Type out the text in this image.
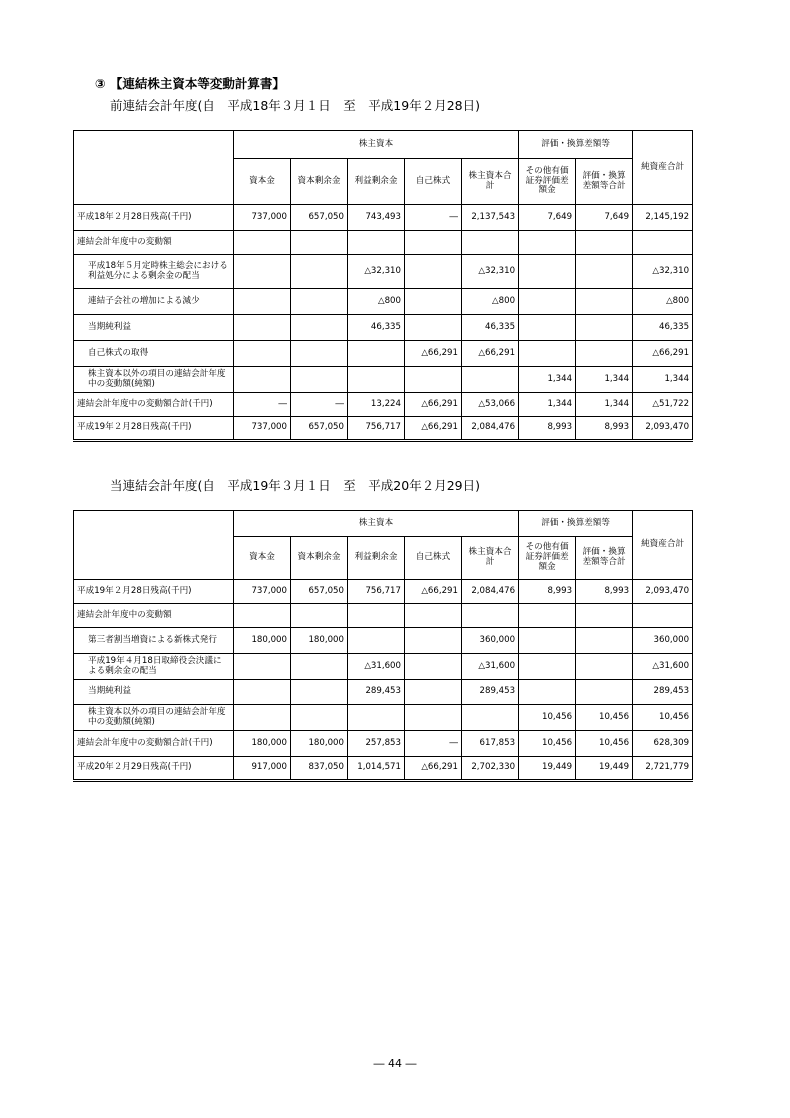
③ 【連結株主資本等変動計算書】
前連結会計年度(自　平成18年３月１日　至　平成19年２月28日)
	株主資本					評価・換算差額等		純資産合計
	資本金	資本剰余金	利益剰余金	自己株式	株主資本合計	その他有価証券評価差額金	評価・換算差額等合計	
平成18年２月28日残高(千円)	737,000	657,050	743,493	―	2,137,543	7,649	7,649	2,145,192
連結会計年度中の変動額								
平成18年５月定時株主総会における利益処分による剰余金の配当			△32,310		△32,310			△32,310
連結子会社の増加による減少			△800		△800			△800
当期純利益			46,335		46,335			46,335
自己株式の取得				△66,291	△66,291			△66,291
株主資本以外の項目の連結会計年度中の変動額(純額)						1,344	1,344	1,344
連結会計年度中の変動額合計(千円)	―	―	13,224	△66,291	△53,066	1,344	1,344	△51,722
平成19年２月28日残高(千円)	737,000	657,050	756,717	△66,291	2,084,476	8,993	8,993	2,093,470
当連結会計年度(自　平成19年３月１日　至　平成20年２月29日)
	株主資本					評価・換算差額等		純資産合計
	資本金	資本剰余金	利益剰余金	自己株式	株主資本合計	その他有価証券評価差額金	評価・換算差額等合計	
平成19年２月28日残高(千円)	737,000	657,050	756,717	△66,291	2,084,476	8,993	8,993	2,093,470
連結会計年度中の変動額								
第三者割当増資による新株式発行	180,000	180,000			360,000			360,000
平成19年４月18日取締役会決議による剰余金の配当			△31,600		△31,600			△31,600
当期純利益			289,453		289,453			289,453
株主資本以外の項目の連結会計年度中の変動額(純額)						10,456	10,456	10,456
連結会計年度中の変動額合計(千円)	180,000	180,000	257,853	―	617,853	10,456	10,456	628,309
平成20年２月29日残高(千円)	917,000	837,050	1,014,571	△66,291	2,702,330	19,449	19,449	2,721,779
― 44 ―
